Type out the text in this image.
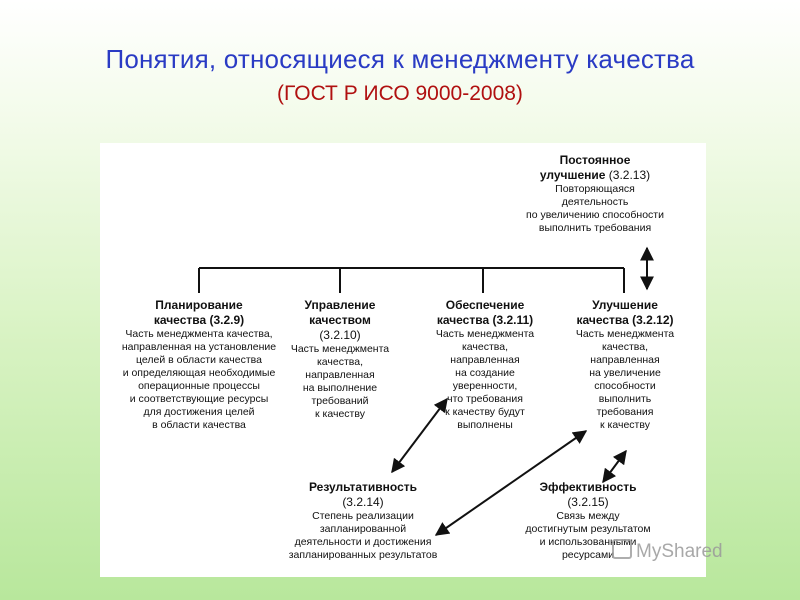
Понятия, относящиеся к менеджменту качества
(ГОСТ Р ИСО 9000-2008)
Постоянное
улучшение (3.2.13)
Повторяющаяся
деятельность
по увеличению способности
выполнить требования
Планирование
качества (3.2.9)
Часть менеджмента качества,
направленная на установление
целей в области качества
и определяющая необходимые
операционные процессы
и соответствующие ресурсы
для достижения целей
в области качества
Управление
качеством
(3.2.10)
Часть менеджмента
качества,
направленная
на выполнение
требований
к качеству
Обеспечение
качества (3.2.11)
Часть менеджмента
качества,
направленная
на создание
уверенности,
что требования
к качеству будут
выполнены
Улучшение
качества (3.2.12)
Часть менеджмента
качества,
направленная
на увеличение
способности
выполнить
требования
к качеству
Результативность
(3.2.14)
Степень реализации
запланированной
деятельности и достижения
запланированных результатов
Эффективность
(3.2.15)
Связь между
достигнутым результатом
и использованными
ресурсами	MyShared
